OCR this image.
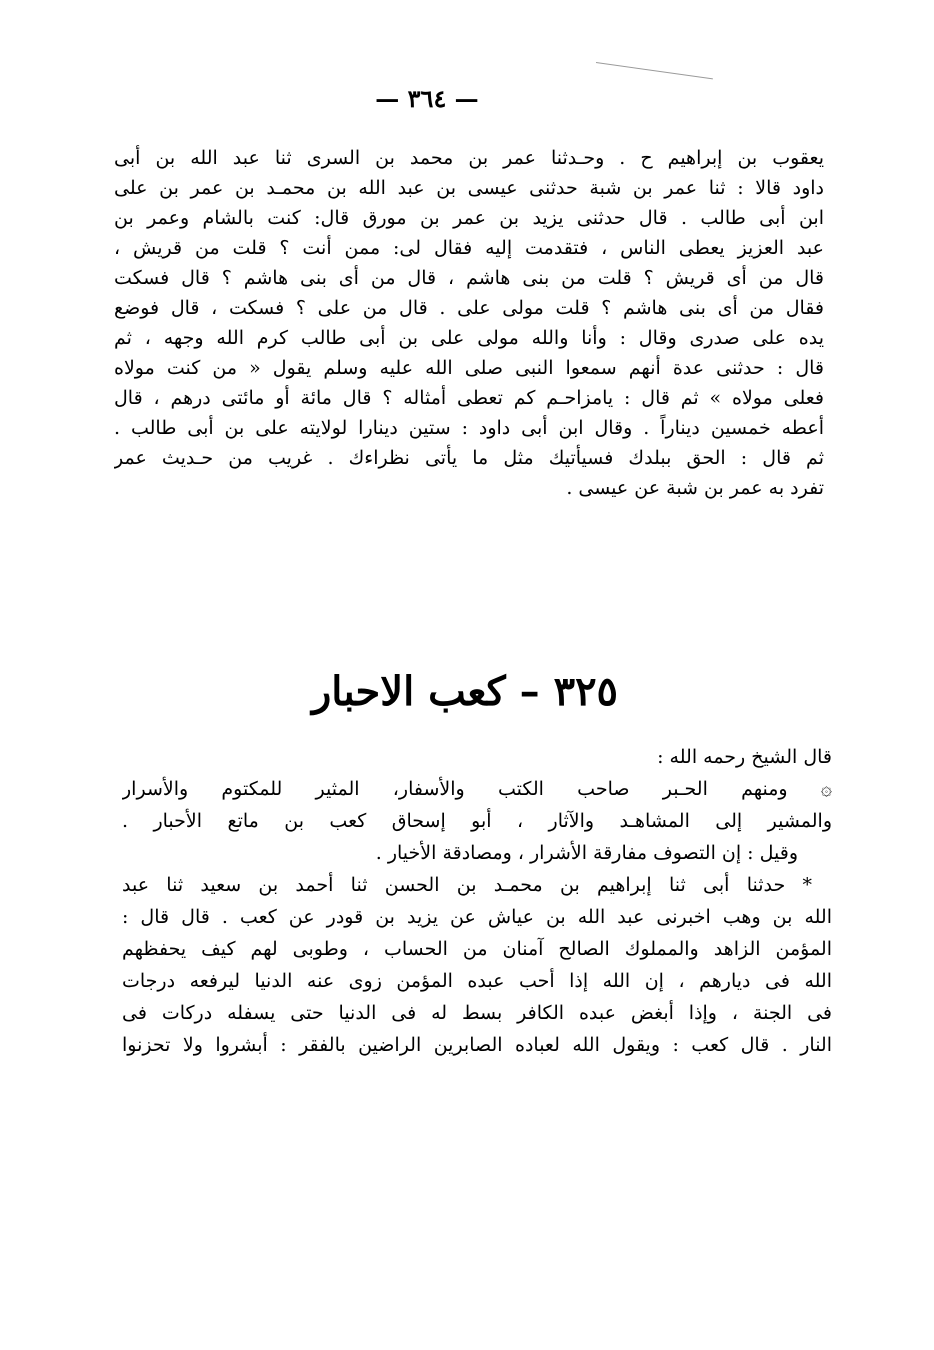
— ٣٦٤ —
يعقوب بن إبراهيم ح . وحـدثنا عمر بن محمد بن السرى ثنا عبد الله بن أبى
داود قالا : ثنا عمر بن شبة حدثنى عيسى بن عبد الله بن محمـد بن عمر بن على
ابن أبى طالب . قال حدثنى يزيد بن عمر بن مورق قال: كنت بالشام وعمر بن
عبد العزيز يعطى الناس ، فتقدمت إليه فقال لى: ممن أنت ؟ قلت من قريش ،
قال من أى قريش ؟ قلت من بنى هاشم ، قال من أى بنى هاشم ؟ قال فسكت
فقال من أى بنى هاشم ؟ قلت مولى على . قال من على ؟ فسكت ، قال فوضع
يده على صدرى وقال : وأنا والله مولى على بن أبى طالب كرم الله وجهه ، ثم
قال : حدثنى عدة أنهم سمعوا النبى صلى الله عليه وسلم يقول « من كنت مولاه
فعلى مولاه » ثم قال : يامزاحـم كم تعطى أمثاله ؟ قال مائة أو مائتى درهم ، قال
أعطه خمسين ديناراً . وقال ابن أبى داود : ستين دينارا لولايته على بن أبى طالب .
ثم قال : الحق ببلدك فسيأتيك مثل ما يأتى نظراءك . غريب من حـديث عمر
تفرد به عمر بن شبة عن عيسى .
٣٢٥ – كعب الاحبار
قال الشيخ رحمه الله :
۞ ومنهم الحـبر صاحب الكتب والأسفار، المثير للمكتوم والأسرار
والمشير إلى المشاهـد والآثار ، أبو إسحاق كعب بن ماتع الأحبار .
وقيل : إن التصوف مفارقة الأشرار ، ومصادقة الأخيار .
* حدثنا أبى ثنا إبراهيم بن محمـد بن الحسن ثنا أحمد بن سعيد ثنا عبد
الله بن وهب اخبرنى عبد الله بن عياش عن يزيد بن قودر عن كعب . قال قال :
المؤمن الزاهد والمملوك الصالح آمنان من الحساب ، وطوبى لهم كيف يحفظهم
الله فى ديارهم ، إن الله إذا أحب عبده المؤمن زوى عنه الدنيا ليرفعه درجات
فى الجنة ، وإذا أبغض عبده الكافر بسط له فى الدنيا حتى يسفله دركات فى
النار . قال كعب : ويقول الله لعباده الصابرين الراضين بالفقر : أبشروا ولا تحزنوا
